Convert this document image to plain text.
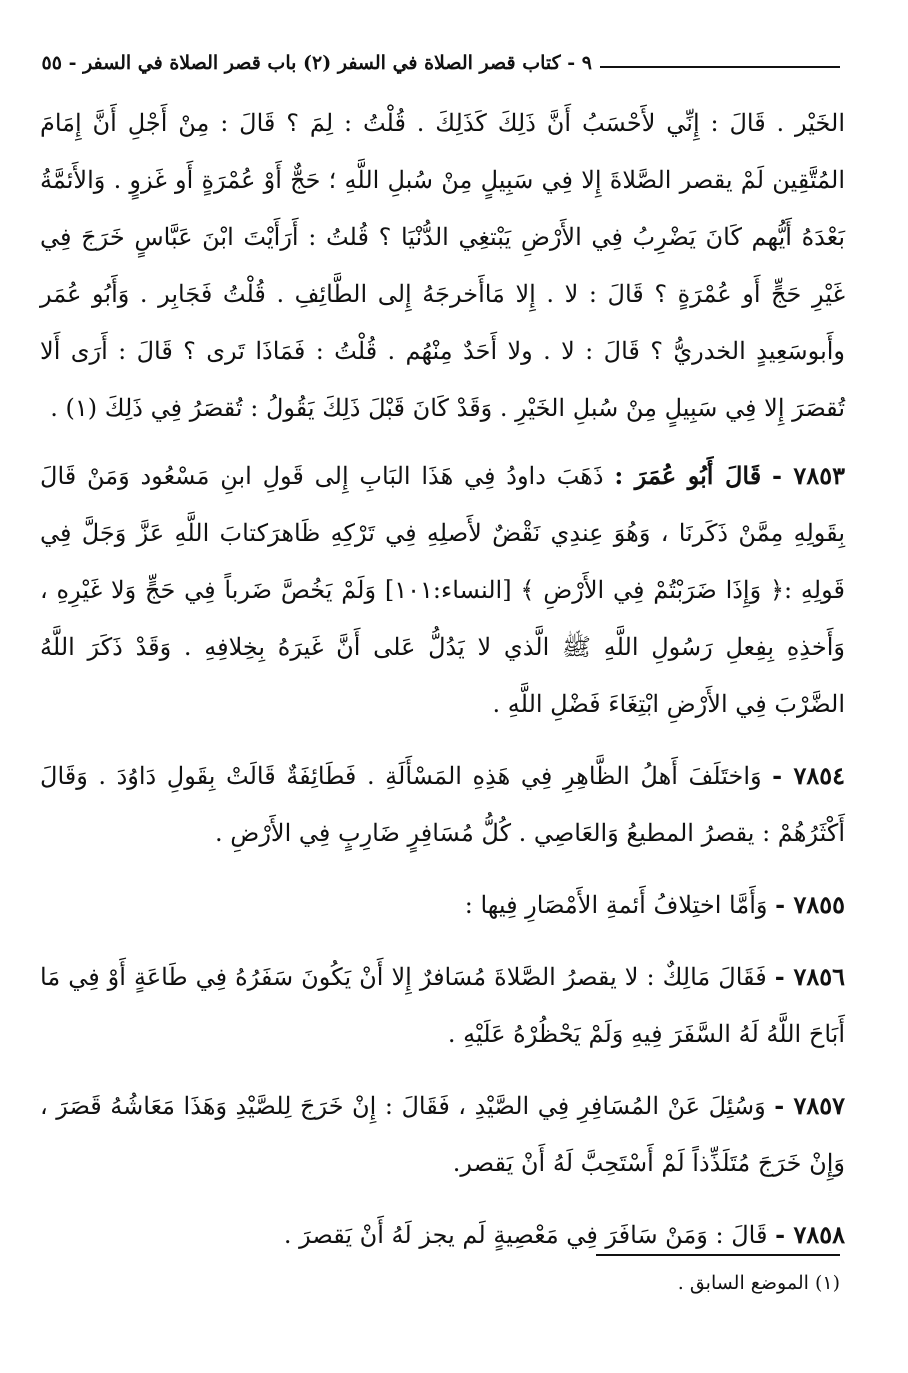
٩ - كتاب قصر الصلاة في السفر (٢) باب قصر الصلاة في السفر - ٥٥

الخَيْر . قَالَ : إِنِّي لأَحْسَبُ أَنَّ ذَلِكَ كَذَلِكَ . قُلْتُ : لِمَ ؟ قَالَ : مِنْ أَجْلِ أَنَّ إِمَامَ المُتَّقِين لَمْ يقصر الصَّلاةَ إِلا فِي سَبِيلٍ مِنْ سُبلِ اللَّهِ ؛ حَجٌّ أَوْ عُمْرَةٍ أَو غَزوٍ . وَالأَئمَّةُ بَعْدَهُ أَيُّهم كَانَ يَضْرِبُ فِي الأَرْضِ يَبْتغِي الدُّنْيَا ؟ قُلتُ : أَرَأَيْتَ ابْنَ عَبَّاسٍ خَرَجَ فِي غَيْرِ حَجٍّ أَو عُمْرَةٍ ؟ قَالَ : لا . إِلا مَاأَخرجَهُ إِلى الطَّائِفِ . قُلْتُ فَجَابِر . وَأَبُو عُمَر وأَبوسَعِيدٍ الخدريُّ ؟ قَالَ : لا . ولا أَحَدٌ مِنْهُم . قُلْتُ : فَمَاذَا تَرى ؟ قَالَ : أَرَى أَلا تُقصَرَ إِلا فِي سَبِيلٍ مِنْ سُبلِ الخَيْرِ . وَقَدْ كَانَ قَبْلَ ذَلِكَ يَقُولُ : تُقصَرُ فِي ذَلِكَ (١) .

٧٨٥٣ - قَالَ أَبُو عُمَرَ : ذَهَبَ داودُ فِي هَذَا البَابِ إِلى قَولِ ابنِ مَسْعُود وَمَنْ قَالَ بِقَولِهِ مِمَّنْ ذَكَرنَا ، وَهُوَ عِندِي نَقْضٌ لأَصلِهِ فِي تَرْكِهِ ظَاهرَكتابَ اللَّهِ عَزَّ وَجَلَّ فِي قَولِهِ :﴿ وَإِذَا ضَرَبْتُمْ فِي الأَرْضِ ﴾ [النساء:١٠١] وَلَمْ يَخُصَّ ضَرباً فِي حَجٍّ وَلا غَيْرِهِ ، وَأَخذِهِ بِفِعلِ رَسُولِ اللَّهِ ﷺ الَّذي لا يَدُلُّ عَلى أَنَّ غَيرَهُ بِخِلافِهِ . وَقَدْ ذَكَرَ اللَّهُ الضَّرْبَ فِي الأَرْضِ ابْتِغَاءَ فَضْلِ اللَّهِ .

٧٨٥٤ - وَاختَلَفَ أَهلُ الظَّاهِرِ فِي هَذِهِ المَسْأَلَةِ . فَطَائِفَةٌ قَالَتْ بِقَولِ دَاوُدَ . وَقَالَ أَكْثَرُهُمْ : يقصرُ المطيعُ وَالعَاصِي . كُلُّ مُسَافِرٍ ضَارِبٍ فِي الأَرْضِ .

٧٨٥٥ - وَأَمَّا اختِلافُ أَئمةِ الأَمْصَارِ فِيها :

٧٨٥٦ - فَقَالَ مَالِكٌ : لا يقصرُ الصَّلاةَ مُسَافرٌ إِلا أَنْ يَكُونَ سَفَرُهُ فِي طَاعَةٍ أَوْ فِي مَا أَبَاحَ اللَّهُ لَهُ السَّفَرَ فِيهِ وَلَمْ يَحْظُرْهُ عَلَيْهِ .

٧٨٥٧ - وَسُئِلَ عَنْ المُسَافِرِ فِي الصَّيْدِ ، فَقَالَ : إِنْ خَرَجَ لِلصَّيْدِ وَهَذَا مَعَاشُهُ قَصَرَ ، وَإِنْ خَرَجَ مُتَلَذِّذاً لَمْ أَسْتَحِبَّ لَهُ أَنْ يَقصر.

٧٨٥٨ - قَالَ : وَمَنْ سَافَرَ فِي مَعْصِيةٍ لَم يجز لَهُ أَنْ يَقصرَ .

(١) الموضع السابق .
